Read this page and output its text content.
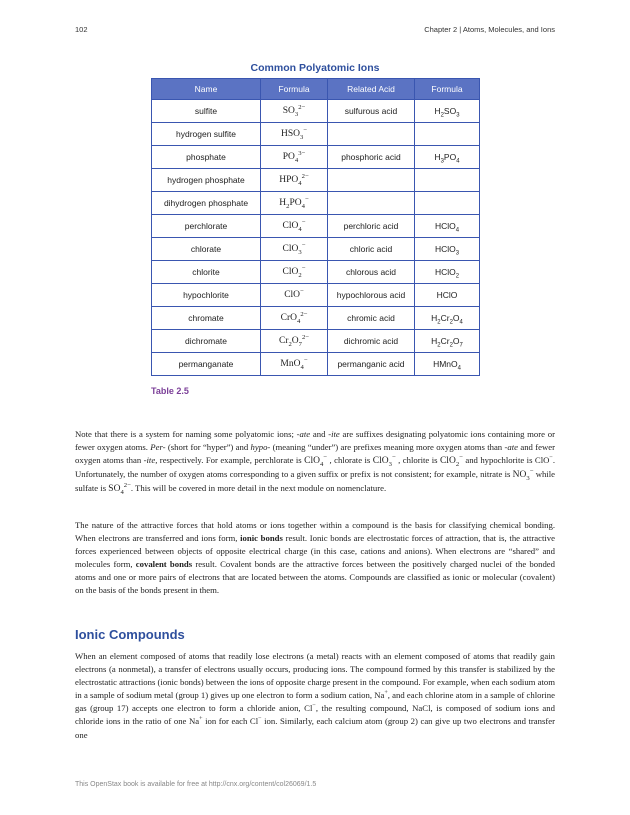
102	Chapter 2 | Atoms, Molecules, and Ions
Common Polyatomic Ions
Name	Formula	Related Acid	Formula
sulfite	$SO_3^{2-}$	sulfurous acid	$H_2SO_3$
hydrogen sulfite	$HSO_3^-$		
phosphate	$PO_4^{3-}$	phosphoric acid	$H_3PO_4$
hydrogen phosphate	$HPO_4^{2-}$		
dihydrogen phosphate	$H_2PO_4^-$		
perchlorate	ClO$_4$−	perchloric acid	HClO$_4$
chlorate	ClO$_3$−	chloric acid	HClO$_3$
chlorite	ClO$_2$−	chlorous acid	HClO$_2$
hypochlorite	ClO−	hypochlorous acid	HClO
chromate	CrO$_4^{2-}$	chromic acid	$H_2Cr_2O_4$
dichromate	$Cr_2O_7^{2-}$	dichromic acid	$H_2Cr_2O_7$
permanganate	MnO$_4$−	permanganic acid	HMnO$_4$
Table 2.5

Note that there is a system for naming some polyatomic ions; -ate and -ite are suffixes designating polyatomic ions containing more or fewer oxygen atoms. Per- (short for “hyper”) and hypo- (meaning “under”) are prefixes meaning more oxygen atoms than -ate and fewer oxygen atoms than -ite, respectively. For example, perchlorate is ClO$_4$− , chlorate is ClO$_3$− , chlorite is ClO$_2$− and hypochlorite is ClO−. Unfortunately, the number of oxygen atoms corresponding to a given suffix or prefix is not consistent; for example, nitrate is $NO_3^-$ while sulfate is $SO_4^{2-}$. This will be covered in more detail in the next module on nomenclature.

The nature of the attractive forces that hold atoms or ions together within a compound is the basis for classifying chemical bonding. When electrons are transferred and ions form, ionic bonds result. Ionic bonds are electrostatic forces of attraction, that is, the attractive forces experienced between objects of opposite electrical charge (in this case, cations and anions). When electrons are “shared” and molecules form, covalent bonds result. Covalent bonds are the attractive forces between the positively charged nuclei of the bonded atoms and one or more pairs of electrons that are located between the atoms. Compounds are classified as ionic or molecular (covalent) on the basis of the bonds present in them.

Ionic Compounds

When an element composed of atoms that readily lose electrons (a metal) reacts with an element composed of atoms that readily gain electrons (a nonmetal), a transfer of electrons usually occurs, producing ions. The compound formed by this transfer is stabilized by the electrostatic attractions (ionic bonds) between the ions of opposite charge present in the compound. For example, when each sodium atom in a sample of sodium metal (group 1) gives up one electron to form a sodium cation, Na+, and each chlorine atom in a sample of chlorine gas (group 17) accepts one electron to form a chloride anion, Cl−, the resulting compound, NaCl, is composed of sodium ions and chloride ions in the ratio of one Na+ ion for each Cl− ion. Similarly, each calcium atom (group 2) can give up two electrons and transfer one

This OpenStax book is available for free at http://cnx.org/content/col26069/1.5
